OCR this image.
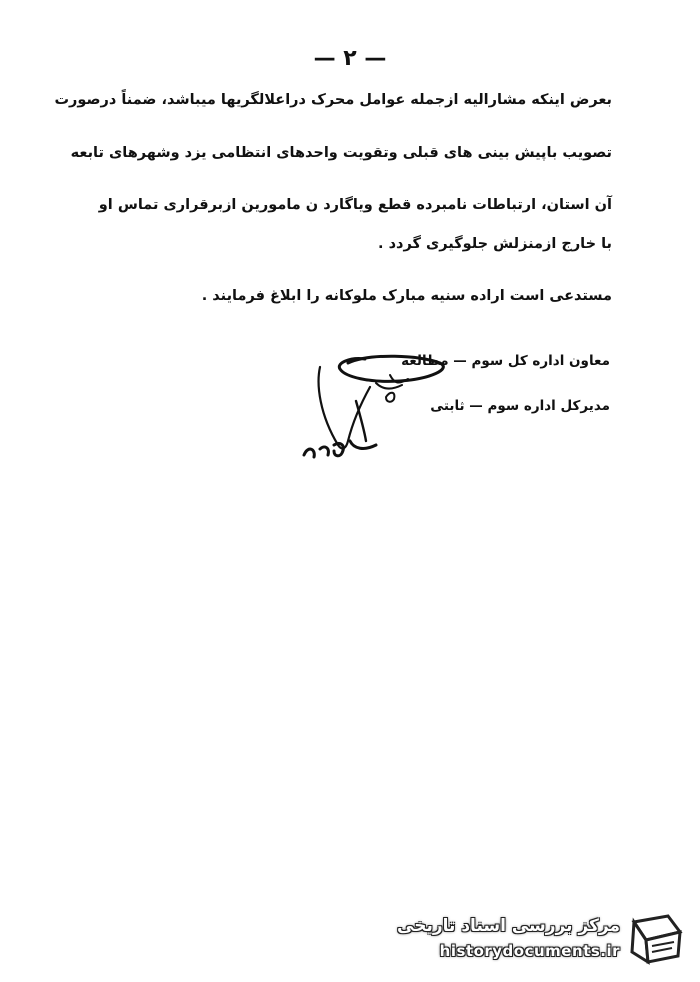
— ۲ —
بعرض اینکه مشارالیه ازجمله عوامل محرک دراعلالگریها میباشد، ضمناً درصورت
تصویب باپیش بینی های قبلی وتقویت واحدهای انتظامی یزد وشهرهای تابعه
آن استان، ارتباطات نامبرده قطع ویاگارد ن مامورین ازبرقراری تماس او
با خارج ازمنزلش جلوگیری گردد .
مستدعی است اراده سنیه مبارک ملوکانه را ابلاغ فرمایند .
معاون اداره کل سوم — مطالعه
مدیرکل اداره سوم — ثابتی
مرکز بررسی اسناد تاریخی
historydocuments.ir
